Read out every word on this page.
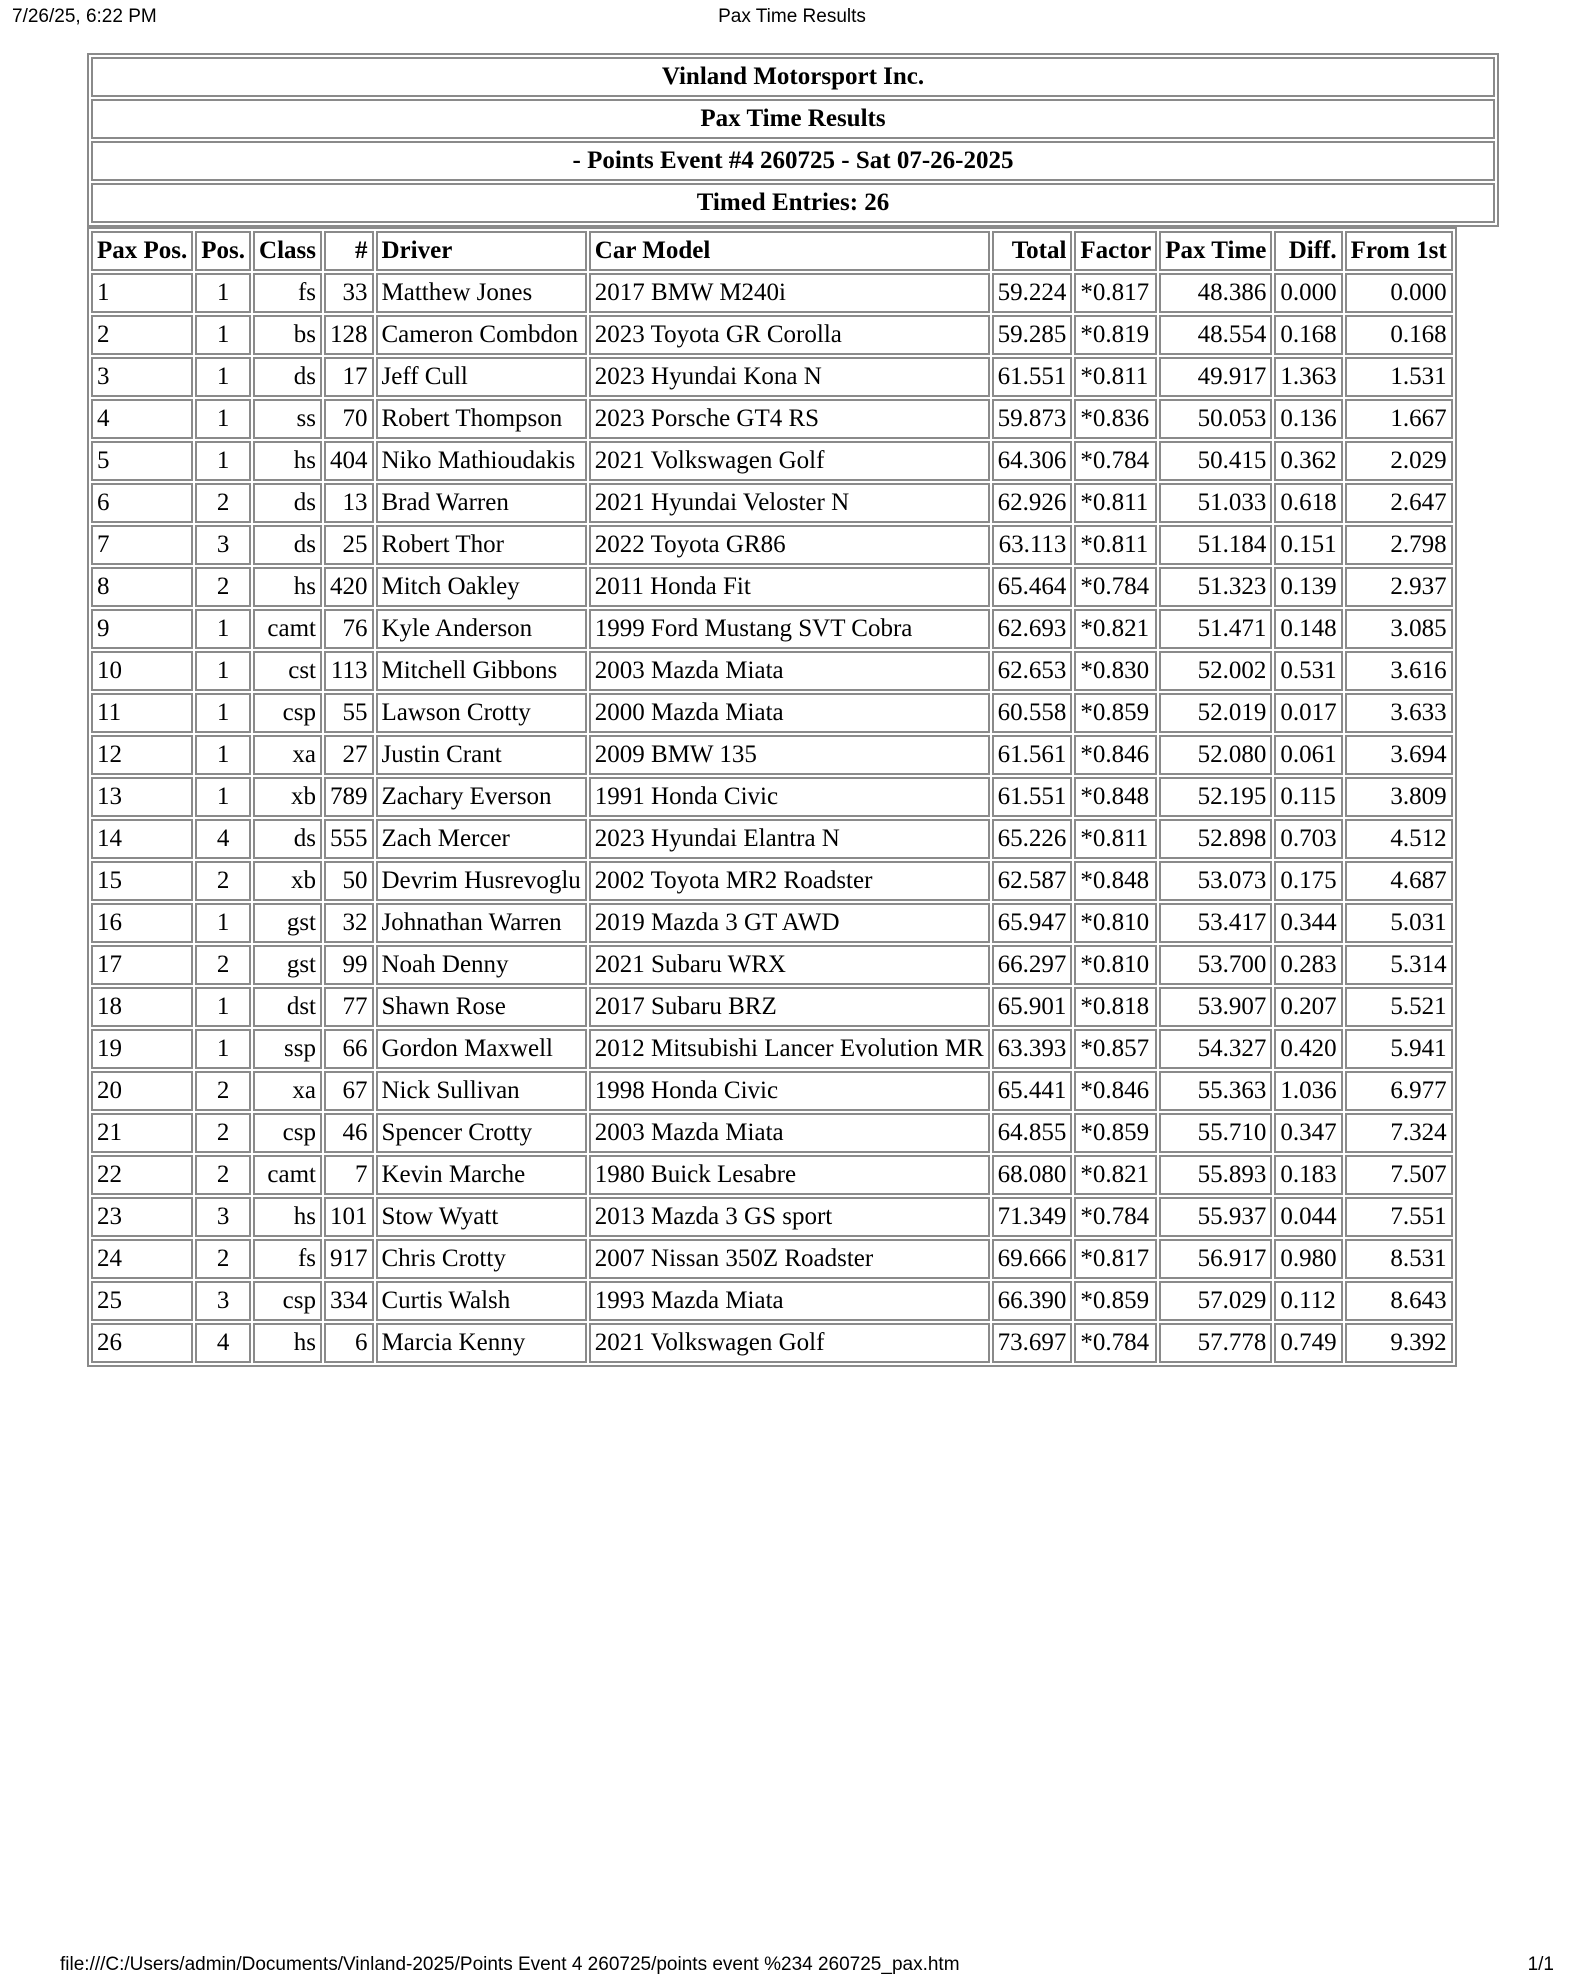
7/26/25, 6:22 PM	Pax Time Results
Vinland Motorsport Inc.
Pax Time Results
- Points Event #4 260725 - Sat 07-26-2025
Timed Entries: 26
Pax Pos.	Pos.	Class	#	Driver	Car Model	Total	Factor	Pax Time	Diff.	From 1st
1	1	fs	33	Matthew Jones	2017 BMW M240i	59.224	*0.817	48.386	0.000	0.000
2	1	bs	128	Cameron Combdon	2023 Toyota GR Corolla	59.285	*0.819	48.554	0.168	0.168
3	1	ds	17	Jeff Cull	2023 Hyundai Kona N	61.551	*0.811	49.917	1.363	1.531
4	1	ss	70	Robert Thompson	2023 Porsche GT4 RS	59.873	*0.836	50.053	0.136	1.667
5	1	hs	404	Niko Mathioudakis	2021 Volkswagen Golf	64.306	*0.784	50.415	0.362	2.029
6	2	ds	13	Brad Warren	2021 Hyundai Veloster N	62.926	*0.811	51.033	0.618	2.647
7	3	ds	25	Robert Thor	2022 Toyota GR86	63.113	*0.811	51.184	0.151	2.798
8	2	hs	420	Mitch Oakley	2011 Honda Fit	65.464	*0.784	51.323	0.139	2.937
9	1	camt	76	Kyle Anderson	1999 Ford Mustang SVT Cobra	62.693	*0.821	51.471	0.148	3.085
10	1	cst	113	Mitchell Gibbons	2003 Mazda Miata	62.653	*0.830	52.002	0.531	3.616
11	1	csp	55	Lawson Crotty	2000 Mazda Miata	60.558	*0.859	52.019	0.017	3.633
12	1	xa	27	Justin Crant	2009 BMW 135	61.561	*0.846	52.080	0.061	3.694
13	1	xb	789	Zachary Everson	1991 Honda Civic	61.551	*0.848	52.195	0.115	3.809
14	4	ds	555	Zach Mercer	2023 Hyundai Elantra N	65.226	*0.811	52.898	0.703	4.512
15	2	xb	50	Devrim Husrevoglu	2002 Toyota MR2 Roadster	62.587	*0.848	53.073	0.175	4.687
16	1	gst	32	Johnathan Warren	2019 Mazda 3 GT AWD	65.947	*0.810	53.417	0.344	5.031
17	2	gst	99	Noah Denny	2021 Subaru WRX	66.297	*0.810	53.700	0.283	5.314
18	1	dst	77	Shawn Rose	2017 Subaru BRZ	65.901	*0.818	53.907	0.207	5.521
19	1	ssp	66	Gordon Maxwell	2012 Mitsubishi Lancer Evolution MR	63.393	*0.857	54.327	0.420	5.941
20	2	xa	67	Nick Sullivan	1998 Honda Civic	65.441	*0.846	55.363	1.036	6.977
21	2	csp	46	Spencer Crotty	2003 Mazda Miata	64.855	*0.859	55.710	0.347	7.324
22	2	camt	7	Kevin Marche	1980 Buick Lesabre	68.080	*0.821	55.893	0.183	7.507
23	3	hs	101	Stow Wyatt	2013 Mazda 3 GS sport	71.349	*0.784	55.937	0.044	7.551
24	2	fs	917	Chris Crotty	2007 Nissan 350Z Roadster	69.666	*0.817	56.917	0.980	8.531
25	3	csp	334	Curtis Walsh	1993 Mazda Miata	66.390	*0.859	57.029	0.112	8.643
26	4	hs	6	Marcia Kenny	2021 Volkswagen Golf	73.697	*0.784	57.778	0.749	9.392
file:///C:/Users/admin/Documents/Vinland-2025/Points Event 4 260725/points event %234 260725_pax.htm	1/1
